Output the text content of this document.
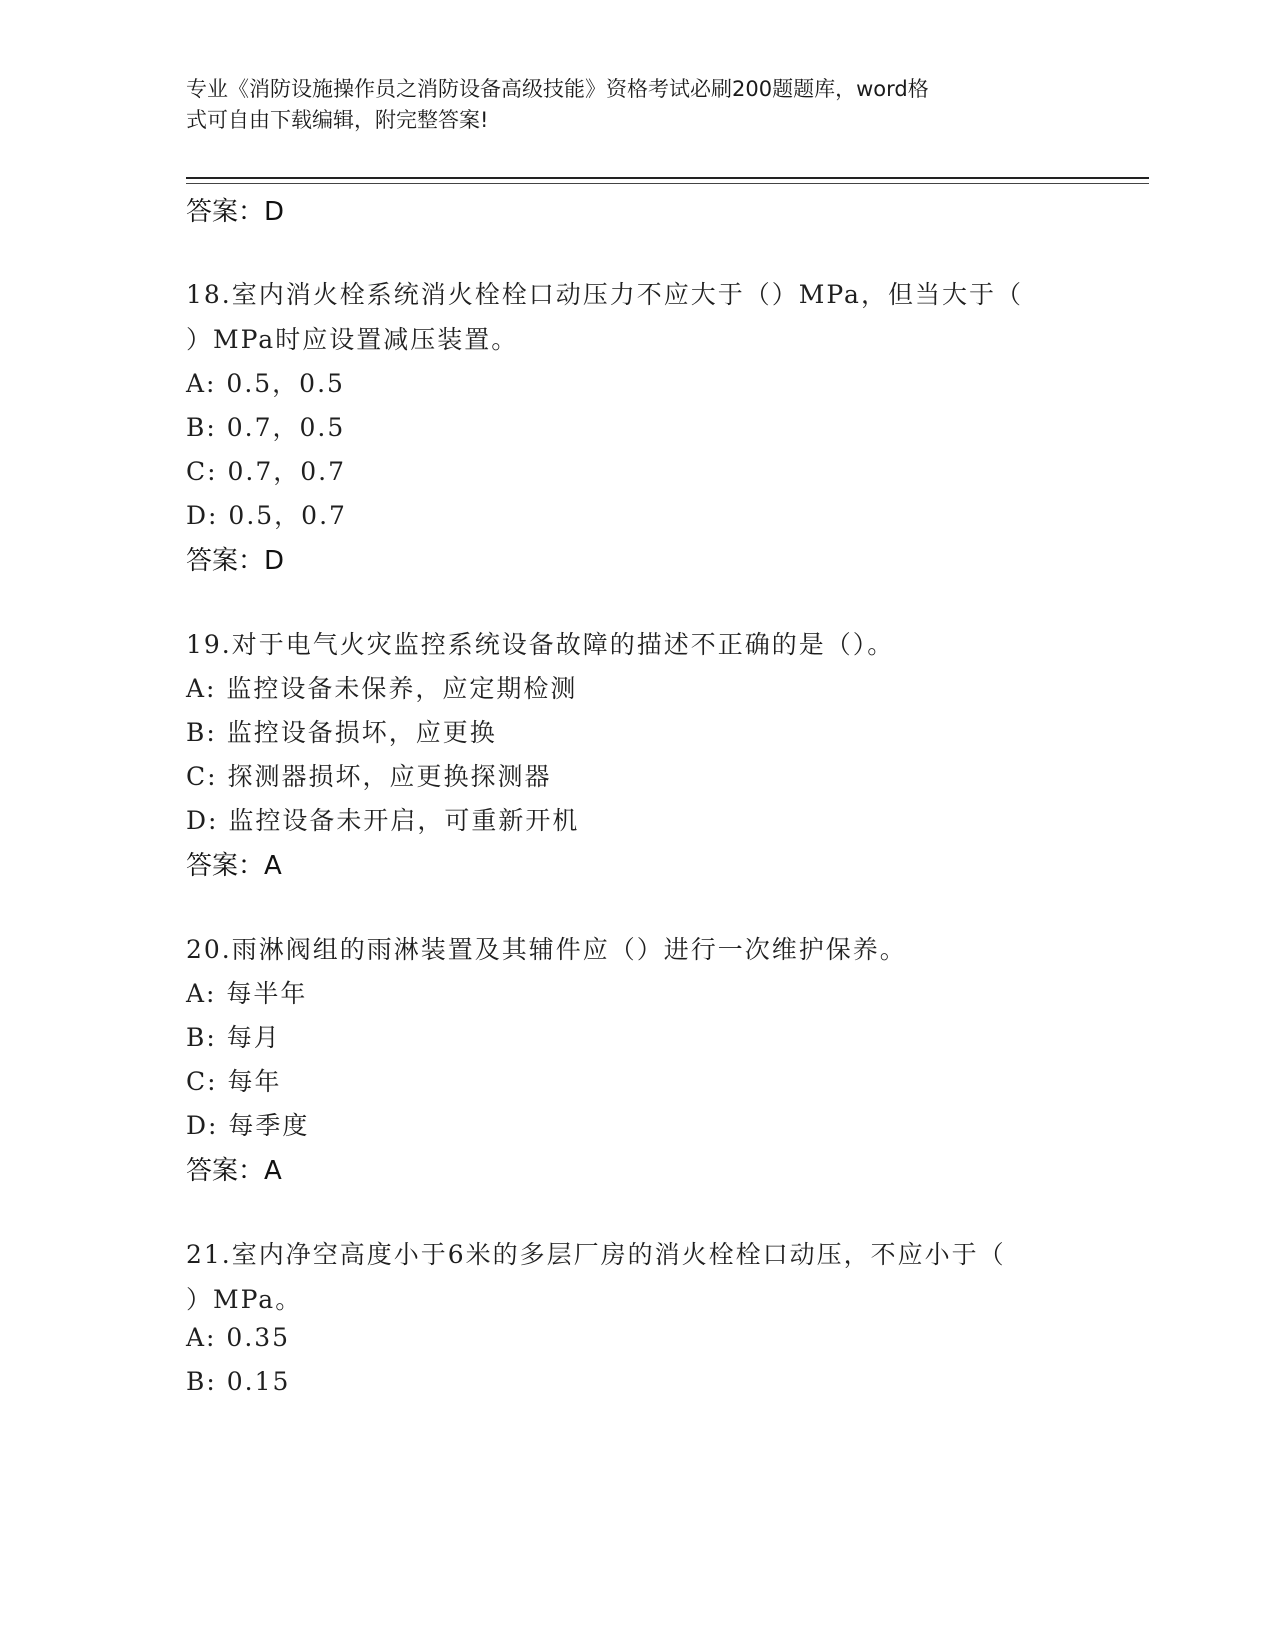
专业《消防设施操作员之消防设备高级技能》资格考试必刷200题题库，word格
式可自由下载编辑，附完整答案!
答案：D
18.室内消火栓系统消火栓栓口动压力不应大于（）MPa，但当大于（
）MPa时应设置减压装置。
A: 0.5，0.5
B: 0.7，0.5
C: 0.7，0.7
D: 0.5，0.7
答案：D
19.对于电气火灾监控系统设备故障的描述不正确的是（）。
A: 监控设备未保养，应定期检测
B: 监控设备损坏，应更换
C: 探测器损坏，应更换探测器
D: 监控设备未开启，可重新开机
答案：A
20.雨淋阀组的雨淋装置及其辅件应（）进行一次维护保养。
A: 每半年
B: 每月
C: 每年
D: 每季度
答案：A
21.室内净空高度小于6米的多层厂房的消火栓栓口动压，不应小于（
）MPa。
A: 0.35
B: 0.15
